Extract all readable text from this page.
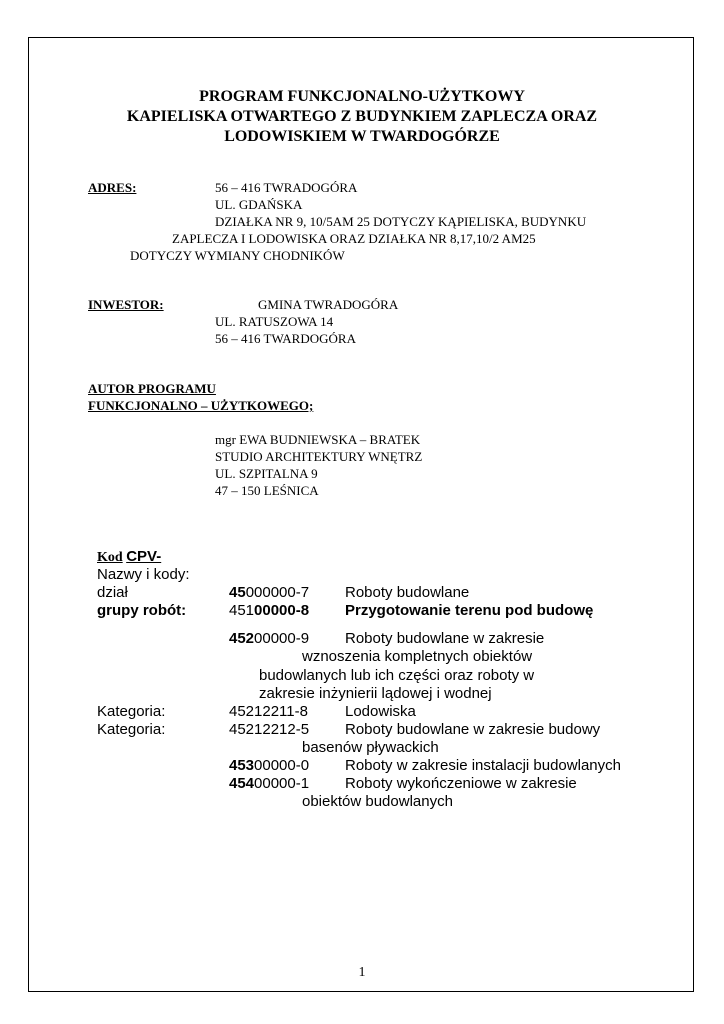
PROGRAM FUNKCJONALNO-UŻYTKOWY
KAPIELISKA OTWARTEGO Z BUDYNKIEM ZAPLECZA ORAZ
LODOWISKIEM W TWARDOGÓRZE
ADRES:	56 – 416 TWRADOGÓRA
UL. GDAŃSKA
DZIAŁKA NR 9, 10/5AM 25 DOTYCZY KĄPIELISKA, BUDYNKU
ZAPLECZA I LODOWISKA ORAZ DZIAŁKA NR 8,17,10/2 AM25
DOTYCZY WYMIANY CHODNIKÓW
INWESTOR:	GMINA TWRADOGÓRA
UL. RATUSZOWA 14
56 – 416 TWARDOGÓRA
AUTOR PROGRAMU
FUNKCJONALNO – UŻYTKOWEGO;
mgr EWA BUDNIEWSKA – BRATEK
STUDIO ARCHITEKTURY WNĘTRZ
UL. SZPITALNA 9
47 – 150 LEŚNICA
Kod CPV-
Nazwy i kody:
dział	45000000-7 Roboty budowlane
grupy robót:	45100000-8 Przygotowanie terenu pod budowę
45200000-9 Roboty budowlane w zakresie
wznoszenia kompletnych obiektów
budowlanych lub ich części oraz roboty w
zakresie inżynierii lądowej i wodnej
Kategoria:	45212211-8 Lodowiska
Kategoria:	45212212-5 Roboty budowlane w zakresie budowy
basenów pływackich
45300000-0 Roboty w zakresie instalacji budowlanych
45400000-1 Roboty wykończeniowe w zakresie
obiektów budowlanych
1
